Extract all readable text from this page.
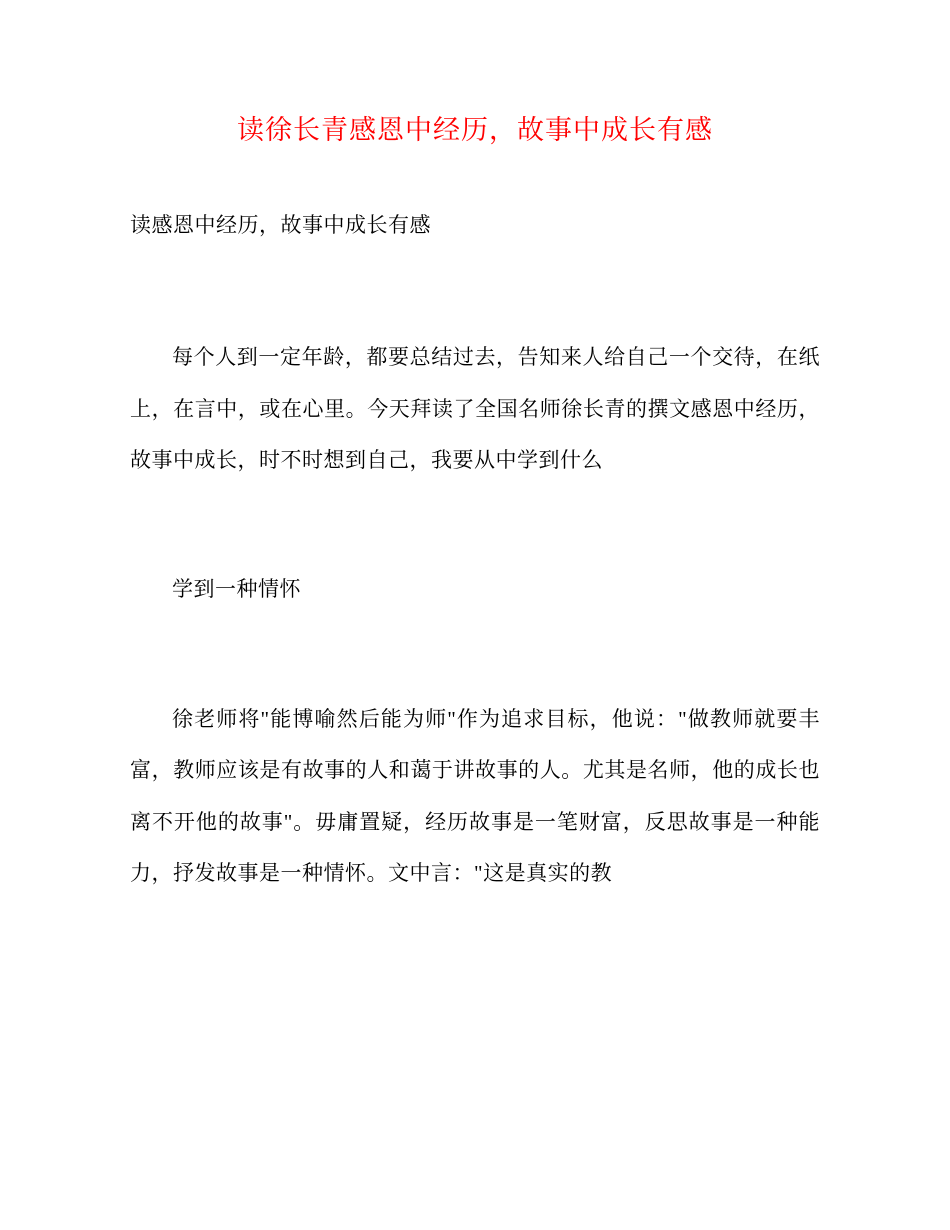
读徐长青感恩中经历，故事中成长有感
读感恩中经历，故事中成长有感

每个人到一定年龄，都要总结过去，告知来人给自己一个交待，在纸上，在言中，或在心里。今天拜读了全国名师徐长青的撰文感恩中经历，故事中成长，时不时想到自己，我要从中学到什么

学到一种情怀

徐老师将"能博喻然后能为师"作为追求目标，他说："做教师就要丰富，教师应该是有故事的人和蔼于讲故事的人。尤其是名师，他的成长也离不开他的故事"。毋庸置疑，经历故事是一笔财富，反思故事是一种能力，抒发故事是一种情怀。文中言："这是真实的教
